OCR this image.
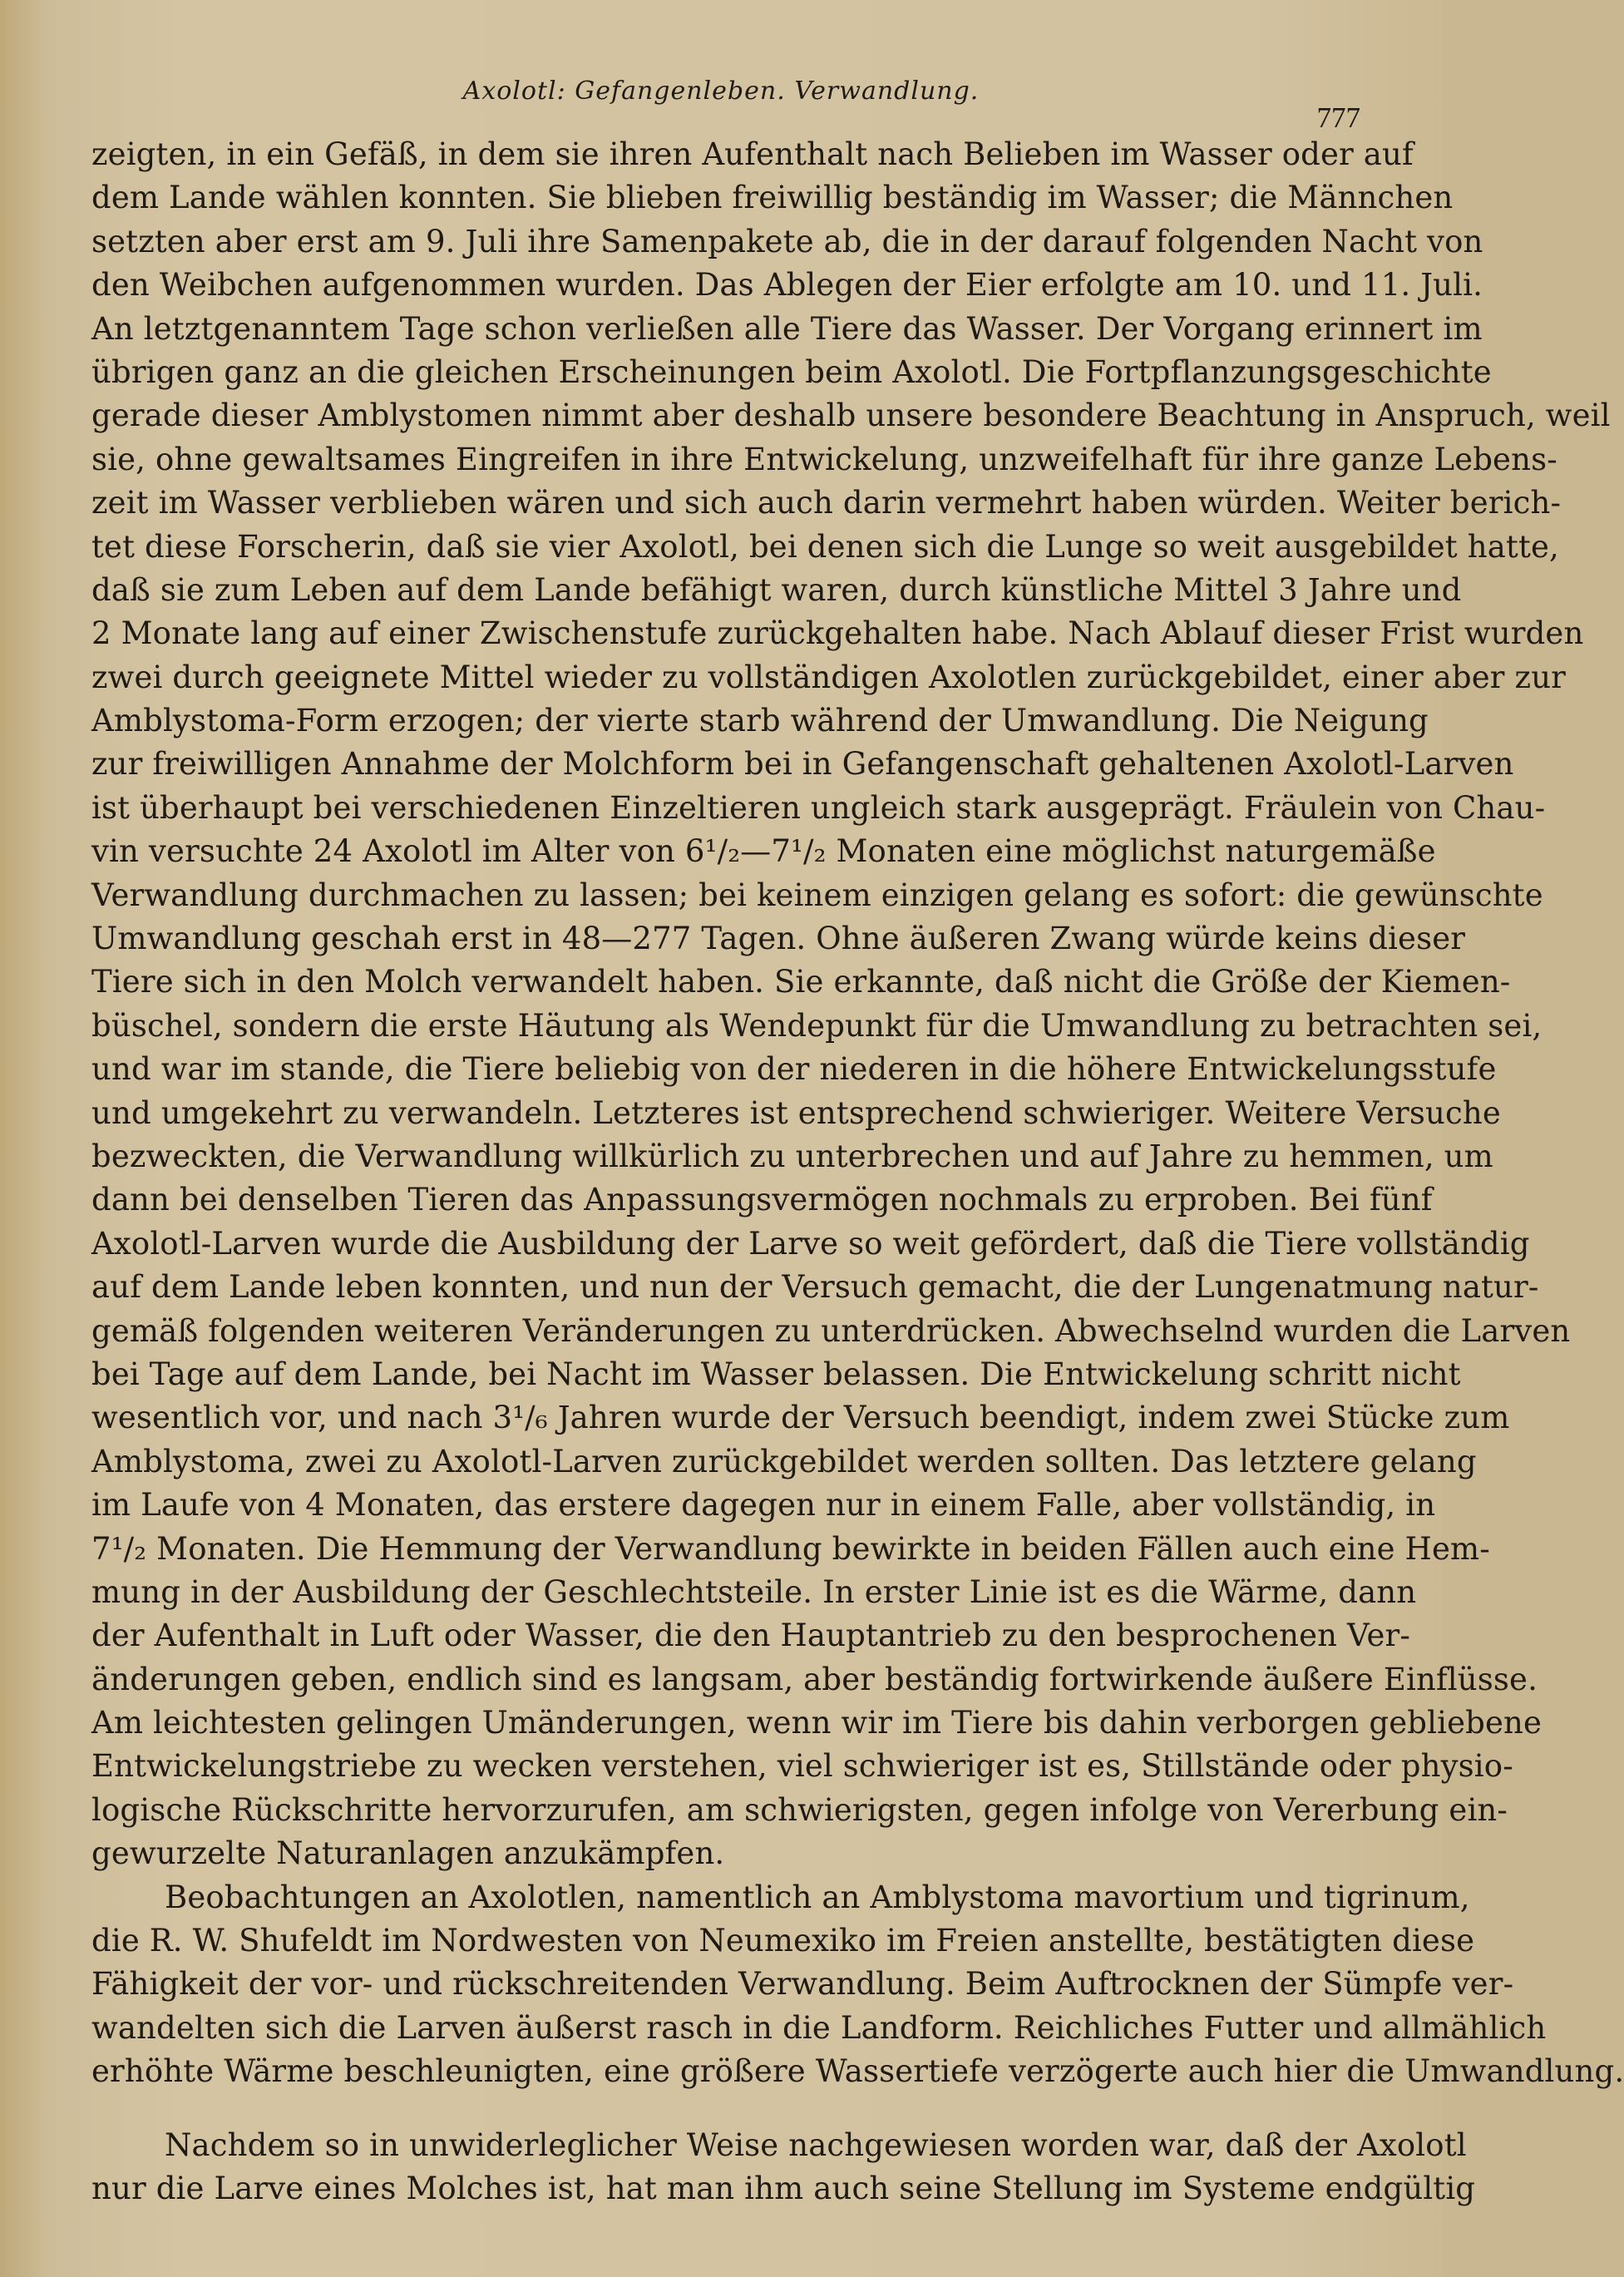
Axolotl: Gefangenleben. Verwandlung.
777
zeigten, in ein Gefäß, in dem sie ihren Aufenthalt nach Belieben im Wasser oder auf
dem Lande wählen konnten. Sie blieben freiwillig beständig im Wasser; die Männchen
setzten aber erst am 9. Juli ihre Samenpakete ab, die in der darauf folgenden Nacht von
den Weibchen aufgenommen wurden. Das Ablegen der Eier erfolgte am 10. und 11. Juli.
An letztgenanntem Tage schon verließen alle Tiere das Wasser. Der Vorgang erinnert im
übrigen ganz an die gleichen Erscheinungen beim Axolotl. Die Fortpflanzungsgeschichte
gerade dieser Amblystomen nimmt aber deshalb unsere besondere Beachtung in Anspruch, weil
sie, ohne gewaltsames Eingreifen in ihre Entwickelung, unzweifelhaft für ihre ganze Lebens-
zeit im Wasser verblieben wären und sich auch darin vermehrt haben würden. Weiter berich-
tet diese Forscherin, daß sie vier Axolotl, bei denen sich die Lunge so weit ausgebildet hatte,
daß sie zum Leben auf dem Lande befähigt waren, durch künstliche Mittel 3 Jahre und
2 Monate lang auf einer Zwischenstufe zurückgehalten habe. Nach Ablauf dieser Frist wurden
zwei durch geeignete Mittel wieder zu vollständigen Axolotlen zurückgebildet, einer aber zur
Amblystoma-Form erzogen; der vierte starb während der Umwandlung. Die Neigung
zur freiwilligen Annahme der Molchform bei in Gefangenschaft gehaltenen Axolotl-Larven
ist überhaupt bei verschiedenen Einzeltieren ungleich stark ausgeprägt. Fräulein von Chau-
vin versuchte 24 Axolotl im Alter von 6¹/₂—7¹/₂ Monaten eine möglichst naturgemäße
Verwandlung durchmachen zu lassen; bei keinem einzigen gelang es sofort: die gewünschte
Umwandlung geschah erst in 48—277 Tagen. Ohne äußeren Zwang würde keins dieser
Tiere sich in den Molch verwandelt haben. Sie erkannte, daß nicht die Größe der Kiemen-
büschel, sondern die erste Häutung als Wendepunkt für die Umwandlung zu betrachten sei,
und war im stande, die Tiere beliebig von der niederen in die höhere Entwickelungsstufe
und umgekehrt zu verwandeln. Letzteres ist entsprechend schwieriger. Weitere Versuche
bezweckten, die Verwandlung willkürlich zu unterbrechen und auf Jahre zu hemmen, um
dann bei denselben Tieren das Anpassungsvermögen nochmals zu erproben. Bei fünf
Axolotl-Larven wurde die Ausbildung der Larve so weit gefördert, daß die Tiere vollständig
auf dem Lande leben konnten, und nun der Versuch gemacht, die der Lungenatmung natur-
gemäß folgenden weiteren Veränderungen zu unterdrücken. Abwechselnd wurden die Larven
bei Tage auf dem Lande, bei Nacht im Wasser belassen. Die Entwickelung schritt nicht
wesentlich vor, und nach 3¹/₆ Jahren wurde der Versuch beendigt, indem zwei Stücke zum
Amblystoma, zwei zu Axolotl-Larven zurückgebildet werden sollten. Das letztere gelang
im Laufe von 4 Monaten, das erstere dagegen nur in einem Falle, aber vollständig, in
7¹/₂ Monaten. Die Hemmung der Verwandlung bewirkte in beiden Fällen auch eine Hem-
mung in der Ausbildung der Geschlechtsteile. In erster Linie ist es die Wärme, dann
der Aufenthalt in Luft oder Wasser, die den Hauptantrieb zu den besprochenen Ver-
änderungen geben, endlich sind es langsam, aber beständig fortwirkende äußere Einflüsse.
Am leichtesten gelingen Umänderungen, wenn wir im Tiere bis dahin verborgen gebliebene
Entwickelungstriebe zu wecken verstehen, viel schwieriger ist es, Stillstände oder physio-
logische Rückschritte hervorzurufen, am schwierigsten, gegen infolge von Vererbung ein-
gewurzelte Naturanlagen anzukämpfen.
Beobachtungen an Axolotlen, namentlich an Amblystoma mavortium und tigrinum,
die R. W. Shufeldt im Nordwesten von Neumexiko im Freien anstellte, bestätigten diese
Fähigkeit der vor- und rückschreitenden Verwandlung. Beim Auftrocknen der Sümpfe ver-
wandelten sich die Larven äußerst rasch in die Landform. Reichliches Futter und allmählich
erhöhte Wärme beschleunigten, eine größere Wassertiefe verzögerte auch hier die Umwandlung.
Nachdem so in unwiderleglicher Weise nachgewiesen worden war, daß der Axolotl
nur die Larve eines Molches ist, hat man ihm auch seine Stellung im Systeme endgültig
